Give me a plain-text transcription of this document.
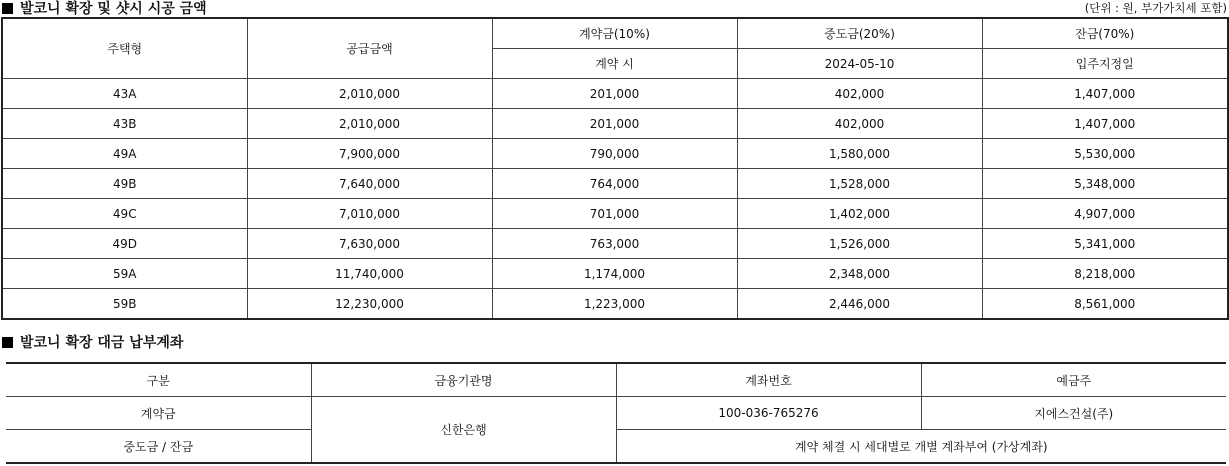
발코니 확장 및 샷시 시공 금액	(단위 : 원, 부가가치세 포함)
주택형	공급금액	계약금(10%)	중도금(20%)	잔금(70%)
		계약 시	2024-05-10	입주지정일
43A	2,010,000	201,000	402,000	1,407,000
43B	2,010,000	201,000	402,000	1,407,000
49A	7,900,000	790,000	1,580,000	5,530,000
49B	7,640,000	764,000	1,528,000	5,348,000
49C	7,010,000	701,000	1,402,000	4,907,000
49D	7,630,000	763,000	1,526,000	5,341,000
59A	11,740,000	1,174,000	2,348,000	8,218,000
59B	12,230,000	1,223,000	2,446,000	8,561,000
발코니 확장 대금 납부계좌
구분	금융기관명	계좌번호	예금주
계약금	신한은행	100-036-765276	지에스건설(주)
중도금 / 잔금		계약 체결 시 세대별로 개별 계좌부여 (가상계좌)	
